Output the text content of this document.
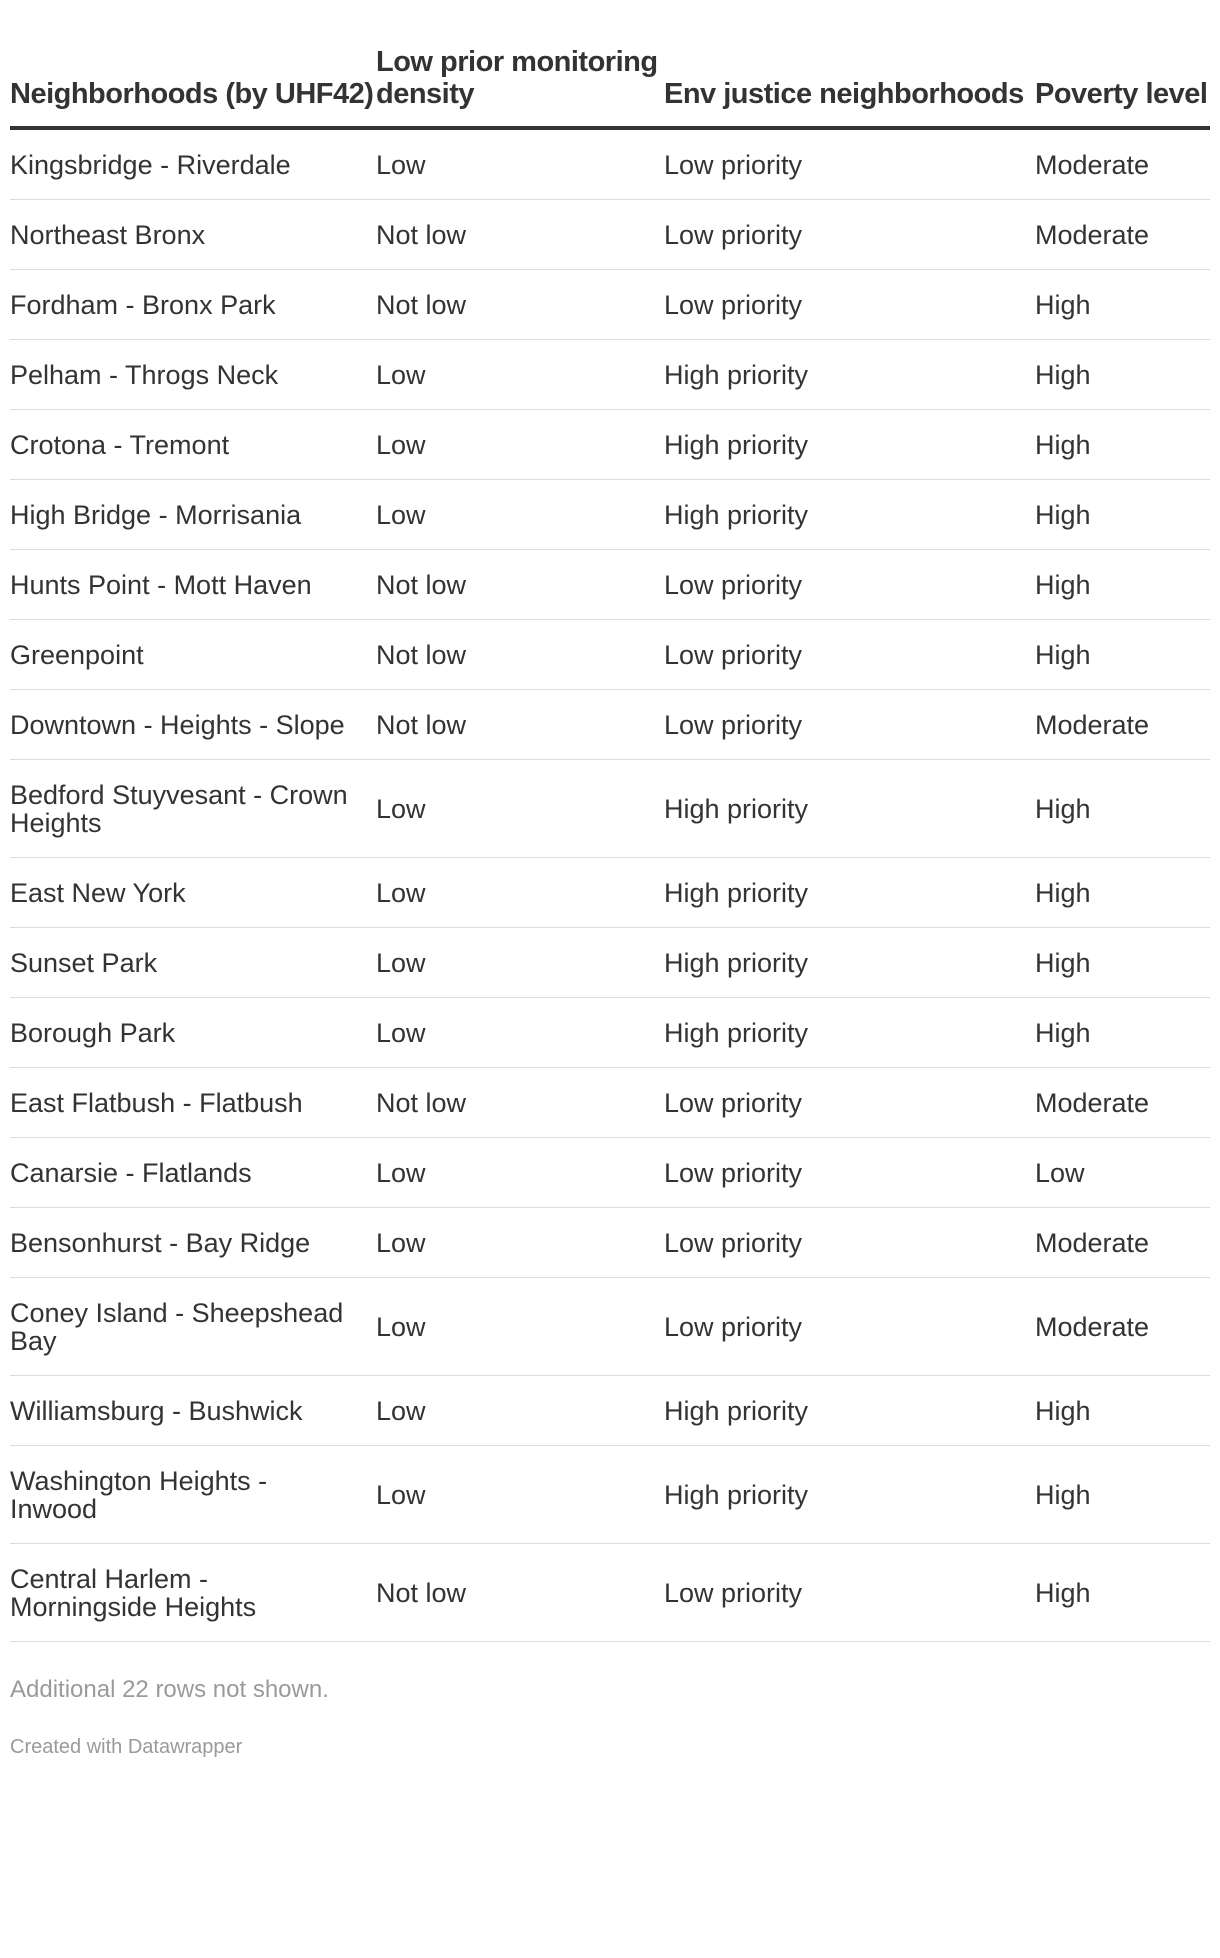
Neighborhoods (by UHF42)	Low prior monitoring density	Env justice neighborhoods	Poverty level
Kingsbridge - Riverdale	Low	Low priority	Moderate
Northeast Bronx	Not low	Low priority	Moderate
Fordham - Bronx Park	Not low	Low priority	High
Pelham - Throgs Neck	Low	High priority	High
Crotona - Tremont	Low	High priority	High
High Bridge - Morrisania	Low	High priority	High
Hunts Point - Mott Haven	Not low	Low priority	High
Greenpoint	Not low	Low priority	High
Downtown - Heights - Slope	Not low	Low priority	Moderate
Bedford Stuyvesant - Crown Heights	Low	High priority	High
East New York	Low	High priority	High
Sunset Park	Low	High priority	High
Borough Park	Low	High priority	High
East Flatbush - Flatbush	Not low	Low priority	Moderate
Canarsie - Flatlands	Low	Low priority	Low
Bensonhurst - Bay Ridge	Low	Low priority	Moderate
Coney Island - Sheepshead Bay	Low	Low priority	Moderate
Williamsburg - Bushwick	Low	High priority	High
Washington Heights - Inwood	Low	High priority	High
Central Harlem - Morningside Heights	Not low	Low priority	High
Additional 22 rows not shown.
Created with Datawrapper
